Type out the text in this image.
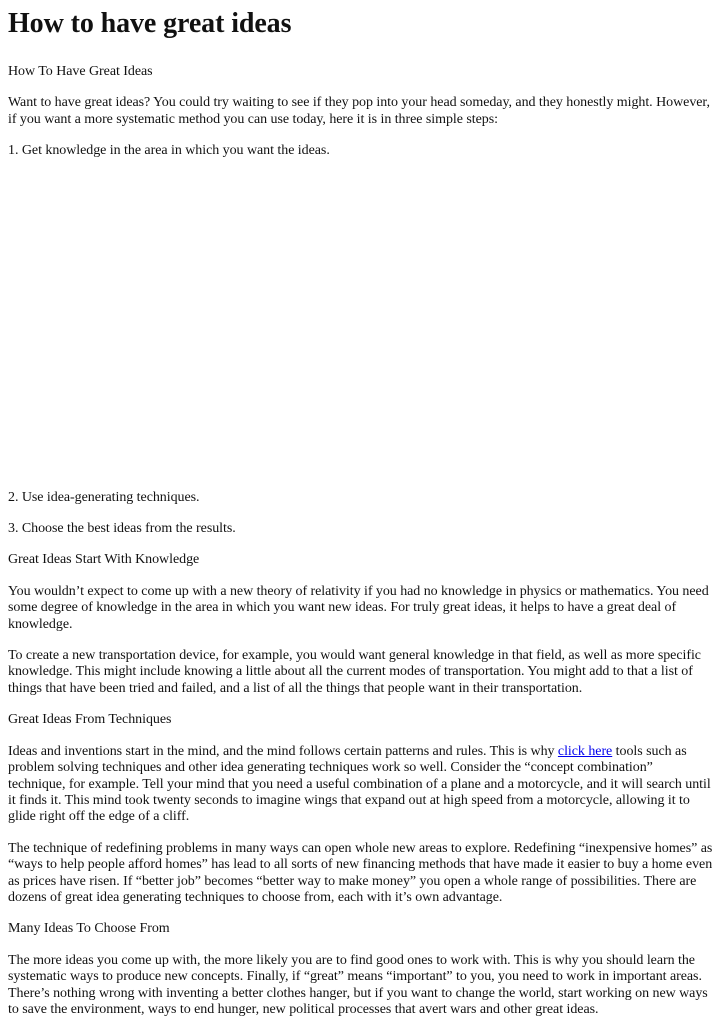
How to have great ideas

How To Have Great Ideas

Want to have great ideas? You could try waiting to see if they pop into your head someday, and they honestly might. However, if you want a more systematic method you can use today, here it is in three simple steps:

1. Get knowledge in the area in which you want the ideas.

2. Use idea-generating techniques.

3. Choose the best ideas from the results.

Great Ideas Start With Knowledge

You wouldn’t expect to come up with a new theory of relativity if you had no knowledge in physics or mathematics. You need some degree of knowledge in the area in which you want new ideas. For truly great ideas, it helps to have a great deal of knowledge.

To create a new transportation device, for example, you would want general knowledge in that field, as well as more specific knowledge. This might include knowing a little about all the current modes of transportation. You might add to that a list of things that have been tried and failed, and a list of all the things that people want in their transportation.

Great Ideas From Techniques

Ideas and inventions start in the mind, and the mind follows certain patterns and rules. This is why click here tools such as problem solving techniques and other idea generating techniques work so well. Consider the “concept combination” technique, for example. Tell your mind that you need a useful combination of a plane and a motorcycle, and it will search until it finds it. This mind took twenty seconds to imagine wings that expand out at high speed from a motorcycle, allowing it to glide right off the edge of a cliff.

The technique of redefining problems in many ways can open whole new areas to explore. Redefining “inexpensive homes” as “ways to help people afford homes” has lead to all sorts of new financing methods that have made it easier to buy a home even as prices have risen. If “better job” becomes “better way to make money” you open a whole range of possibilities. There are dozens of great idea generating techniques to choose from, each with it’s own advantage.

Many Ideas To Choose From

The more ideas you come up with, the more likely you are to find good ones to work with. This is why you should learn the systematic ways to produce new concepts. Finally, if “great” means “important” to you, you need to work in important areas. There’s nothing wrong with inventing a better clothes hanger, but if you want to change the world, start working on new ways to save the environment, ways to end hunger, new political processes that avert wars and other great ideas.
